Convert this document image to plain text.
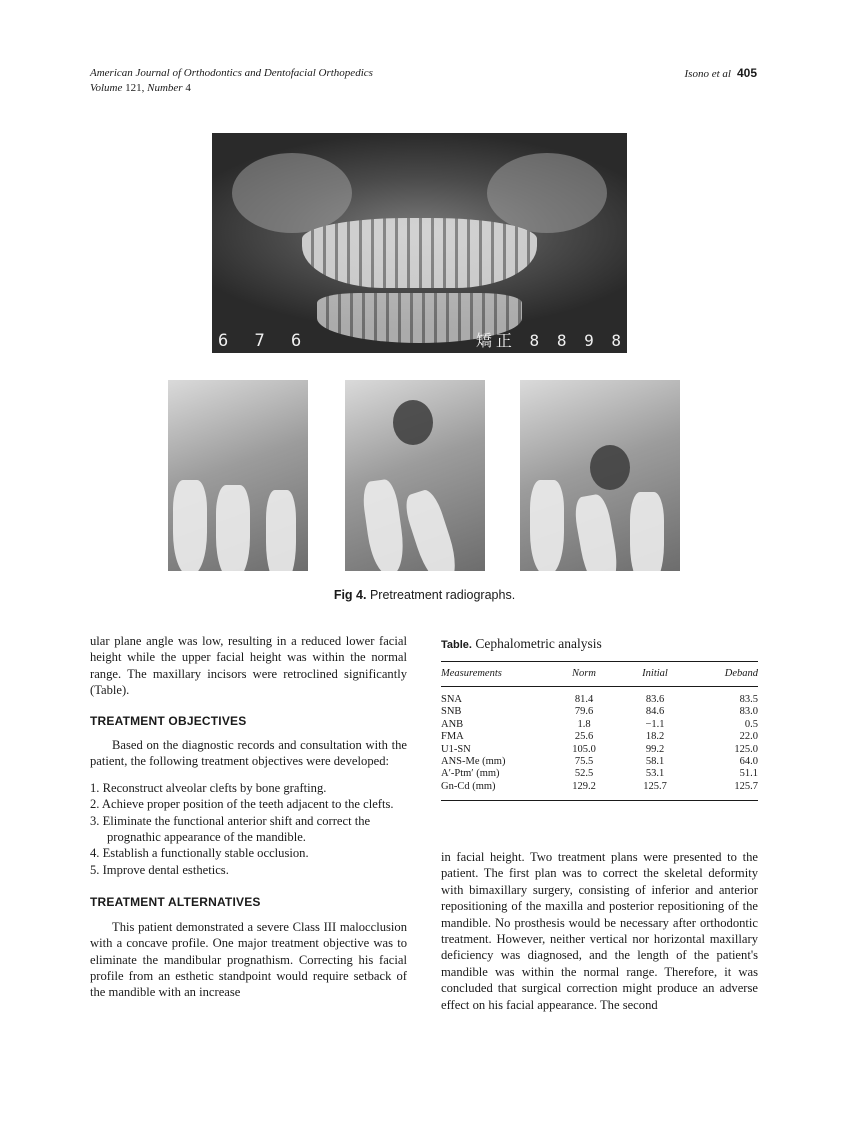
American Journal of Orthodontics and Dentofacial Orthopedics
Volume 121, Number 4
Isono et al 405
6 7 6	矯正 8 8 9 8
Fig 4. Pretreatment radiographs.

ular plane angle was low, resulting in a reduced lower facial height while the upper facial height was within the normal range. The maxillary incisors were retroclined significantly (Table).

TREATMENT OBJECTIVES

Based on the diagnostic records and consultation with the patient, the following treatment objectives were developed:

1. Reconstruct alveolar clefts by bone grafting.
2. Achieve proper position of the teeth adjacent to the clefts.
3. Eliminate the functional anterior shift and correct the prognathic appearance of the mandible.
4. Establish a functionally stable occlusion.
5. Improve dental esthetics.
TREATMENT ALTERNATIVES

This patient demonstrated a severe Class III malocclusion with a concave profile. One major treatment objective was to eliminate the mandibular prognathism. Correcting his facial profile from an esthetic standpoint would require setback of the mandible with an increase

Table. Cephalometric analysis
Measurements	Norm	Initial	Deband
SNA	81.4	83.6	83.5
SNB	79.6	84.6	83.0
ANB	1.8	−1.1	0.5
FMA	25.6	18.2	22.0
U1-SN	105.0	99.2	125.0
ANS-Me (mm)	75.5	58.1	64.0
A′-Ptm′ (mm)	52.5	53.1	51.1
Gn-Cd (mm)	129.2	125.7	125.7

in facial height. Two treatment plans were presented to the patient. The first plan was to correct the skeletal deformity with bimaxillary surgery, consisting of inferior and anterior repositioning of the maxilla and posterior repositioning of the mandible. No prosthesis would be necessary after orthodontic treatment. However, neither vertical nor horizontal maxillary deficiency was diagnosed, and the length of the patient's mandible was within the normal range. Therefore, it was concluded that surgical correction might produce an adverse effect on his facial appearance. The second
